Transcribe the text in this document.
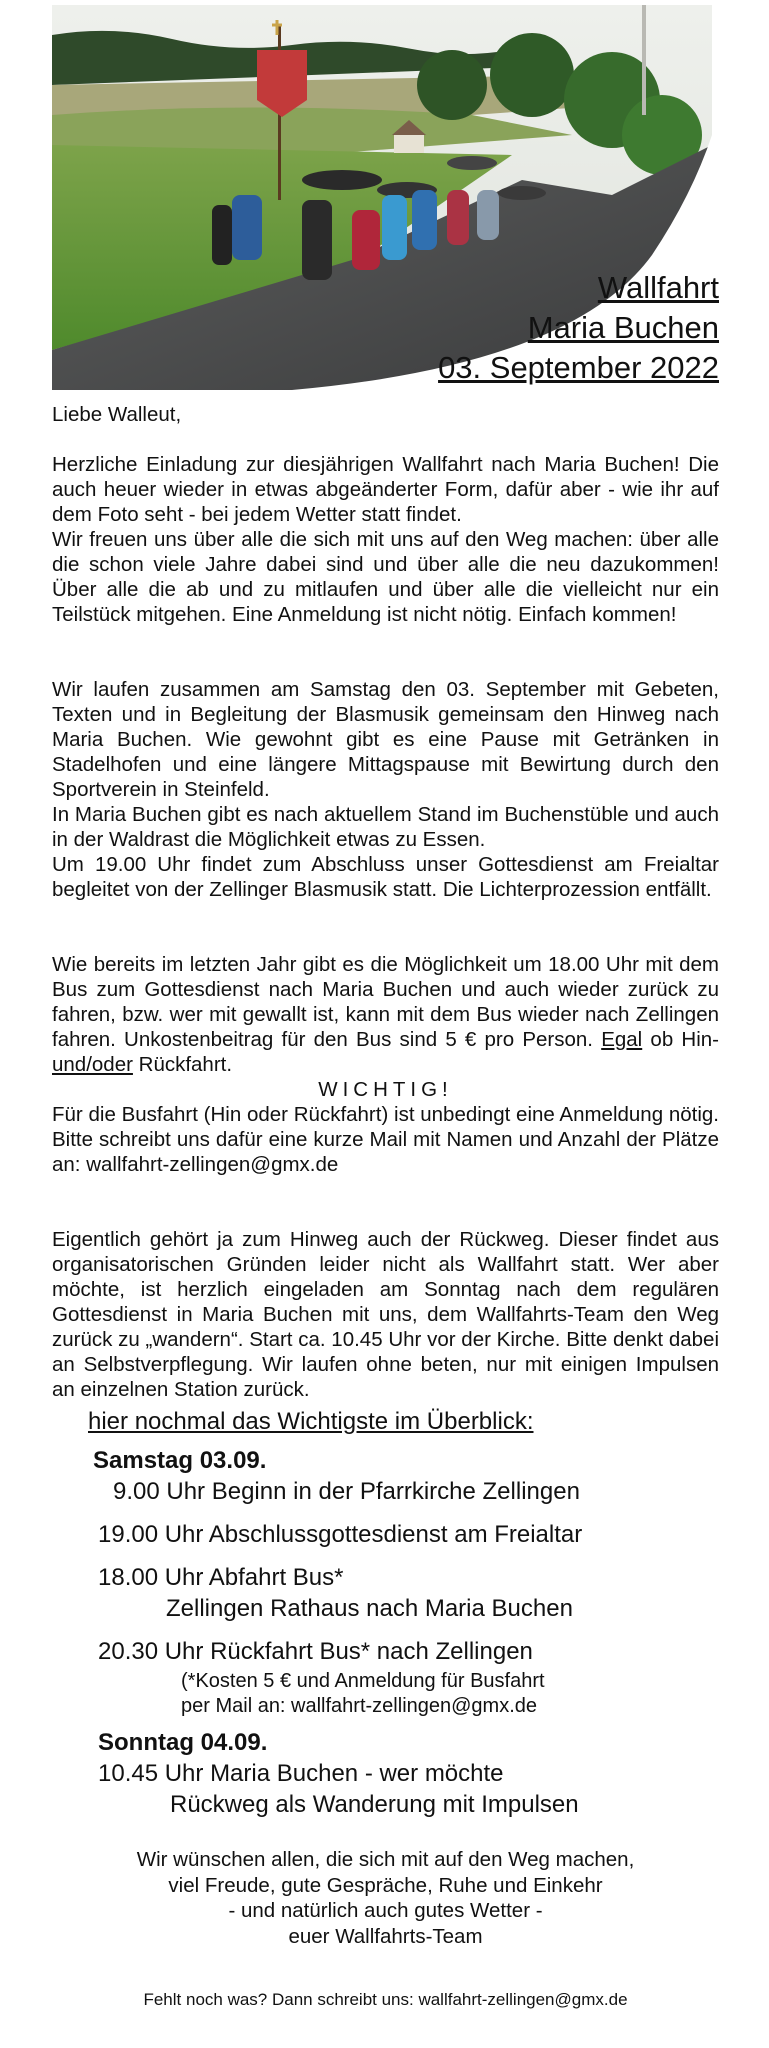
Wallfahrt
Maria Buchen
03. September 2022
Liebe Walleut,

Herzliche Einladung zur diesjährigen Wallfahrt nach Maria Buchen! Die auch heuer wieder in etwas abgeänderter Form, dafür aber - wie ihr auf dem Foto seht - bei jedem Wetter statt findet.

Wir freuen uns über alle die sich mit uns auf den Weg machen: über alle die schon viele Jahre dabei sind und über alle die neu dazukommen! Über alle die ab und zu mitlaufen und über alle die vielleicht nur ein Teilstück mitgehen. Eine Anmeldung ist nicht nötig. Einfach kommen!

Wir laufen zusammen am Samstag den 03. September mit Gebeten, Texten und in Begleitung der Blasmusik gemeinsam den Hinweg nach Maria Buchen. Wie gewohnt gibt es eine Pause mit Getränken in Stadelhofen und eine längere Mittagspause mit Bewirtung durch den Sportverein in Steinfeld.

In Maria Buchen gibt es nach aktuellem Stand im Buchenstüble und auch in der Waldrast die Möglichkeit etwas zu Essen.

Um 19.00 Uhr findet zum Abschluss unser Gottesdienst am Freialtar begleitet von der Zellinger Blasmusik statt. Die Lichterprozession entfällt.

Wie bereits im letzten Jahr gibt es die Möglichkeit um 18.00 Uhr mit dem Bus zum Gottesdienst nach Maria Buchen und auch wieder zurück zu fahren, bzw. wer mit gewallt ist, kann mit dem Bus wieder nach Zellingen fahren. Unkostenbeitrag für den Bus sind 5 € pro Person. Egal ob Hin- und/oder Rückfahrt.

WICHTIG!

Für die Busfahrt (Hin oder Rückfahrt) ist unbedingt eine Anmeldung nötig. Bitte schreibt uns dafür eine kurze Mail mit Namen und Anzahl der Plätze an: wallfahrt-zellingen@gmx.de

Eigentlich gehört ja zum Hinweg auch der Rückweg. Dieser findet aus organisatorischen Gründen leider nicht als Wallfahrt statt. Wer aber möchte, ist herzlich eingeladen am Sonntag nach dem regulären Gottesdienst in Maria Buchen mit uns, dem Wallfahrts-Team den Weg zurück zu „wandern“. Start ca. 10.45 Uhr vor der Kirche. Bitte denkt dabei an Selbstverpflegung. Wir laufen ohne beten, nur mit einigen Impulsen an einzelnen Station zurück.

hier nochmal das Wichtigste im Überblick:
Samstag 03.09.
9.00 Uhr Beginn in der Pfarrkirche Zellingen
19.00 Uhr Abschlussgottesdienst am Freialtar
18.00 Uhr Abfahrt Bus*
Zellingen Rathaus nach Maria Buchen
20.30 Uhr Rückfahrt Bus* nach Zellingen
(*Kosten 5 € und Anmeldung für Busfahrt
per Mail an: wallfahrt-zellingen@gmx.de
Sonntag 04.09.
10.45 Uhr Maria Buchen - wer möchte
Rückweg als Wanderung mit Impulsen
Wir wünschen allen, die sich mit auf den Weg machen,
viel Freude, gute Gespräche, Ruhe und Einkehr
- und natürlich auch gutes Wetter -
euer Wallfahrts-Team
Fehlt noch was? Dann schreibt uns: wallfahrt-zellingen@gmx.de
